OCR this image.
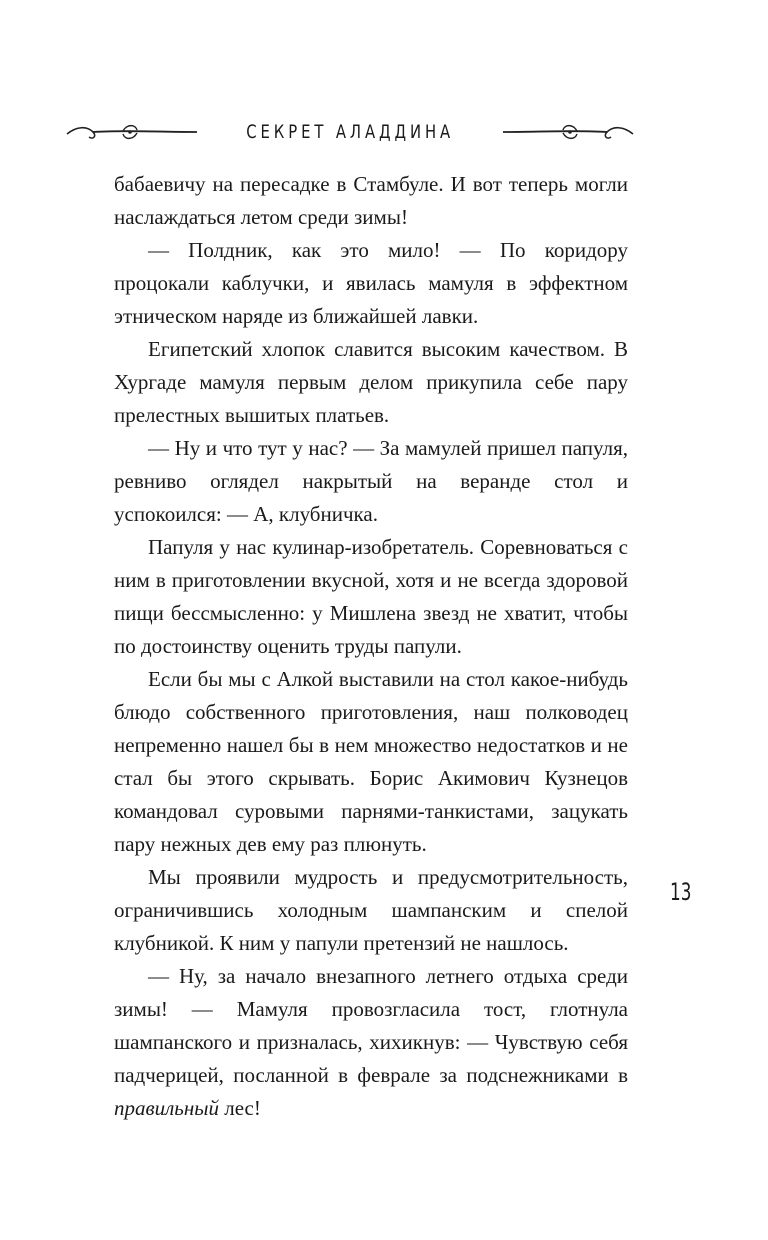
СЕКРЕТ АЛАДДИНА

бабаевичу на пересадке в Стамбуле. И вот теперь могли наслаждаться летом среди зимы!

— Полдник, как это мило! — По коридору процокали каблучки, и явилась мамуля в эффектном этническом наряде из ближайшей лавки.

Египетский хлопок славится высоким качеством. В Хургаде мамуля первым делом прикупила себе пару прелестных вышитых платьев.

— Ну и что тут у нас? — За мамулей пришел папуля, ревниво оглядел накрытый на веранде стол и успокоился: — А, клубничка.

Папуля у нас кулинар-изобретатель. Соревноваться с ним в приготовлении вкусной, хотя и не всегда здоровой пищи бессмысленно: у Мишлена звезд не хватит, чтобы по достоинству оценить труды папули.

Если бы мы с Алкой выставили на стол какое-нибудь блюдо собственного приготовления, наш полководец непременно нашел бы в нем множество недостатков и не стал бы этого скрывать. Борис Акимович Кузнецов командовал суровыми парнями-танкистами, зацукать пару нежных дев ему раз плюнуть.

Мы проявили мудрость и предусмотрительность, ограничившись холодным шампанским и спелой клубникой. К ним у папули претензий не нашлось.

— Ну, за начало внезапного летнего отдыха среди зимы! — Мамуля провозгласила тост, глотнула шампанского и призналась, хихикнув: — Чувствую себя падчерицей, посланной в феврале за подснежниками в правильный лес!

13
